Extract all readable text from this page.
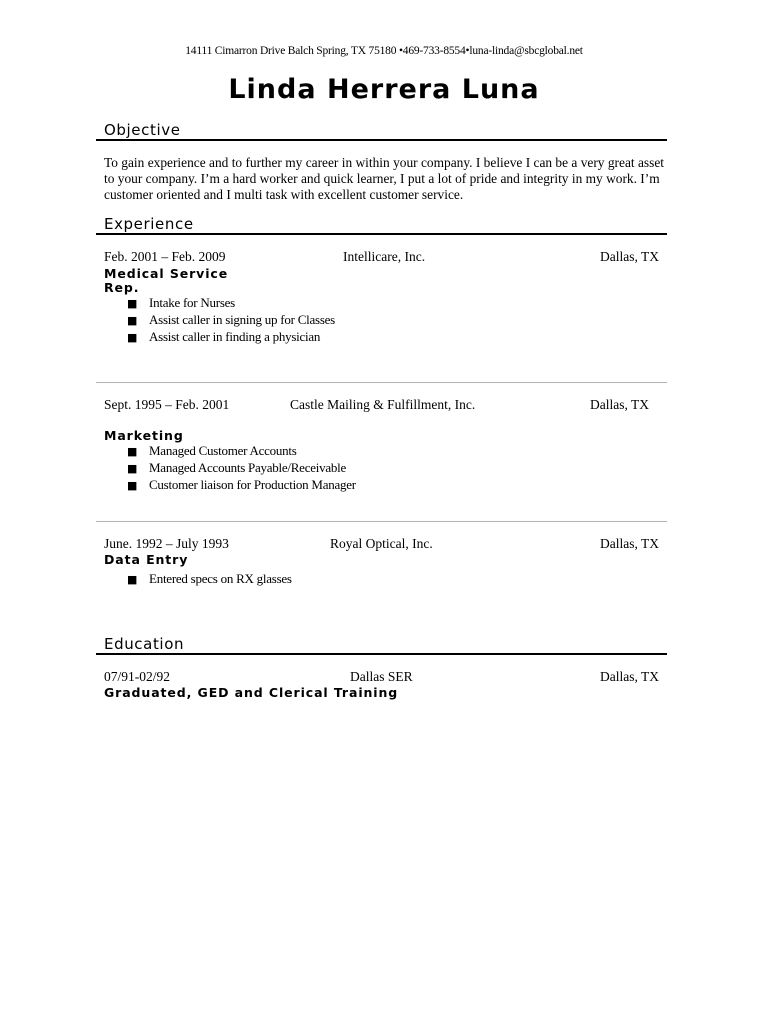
14111 Cimarron Drive Balch Spring, TX 75180 •469-733-8554•luna-linda@sbcglobal.net
Linda Herrera Luna
Objective
To gain experience and to further my career in within your company. I believe I can be a very great asset to your company. I’m a hard worker and quick learner, I put a lot of pride and integrity in my work. I’m customer oriented and I multi task with excellent customer service.
Experience
Feb. 2001 – Feb. 2009	Intellicare, Inc.	Dallas, TX
Medical Service
Rep.
■ Intake for Nurses
■ Assist caller in signing up for Classes
■ Assist caller in finding a physician
Sept. 1995 – Feb. 2001	Castle Mailing & Fulfillment, Inc.	Dallas, TX
Marketing
■ Managed Customer Accounts
■ Managed Accounts Payable/Receivable
■ Customer liaison for Production Manager
June. 1992 – July 1993	Royal Optical, Inc.	Dallas, TX
Data Entry
■ Entered specs on RX glasses
Education
07/91-02/92	Dallas SER	Dallas, TX
Graduated, GED and Clerical Training
